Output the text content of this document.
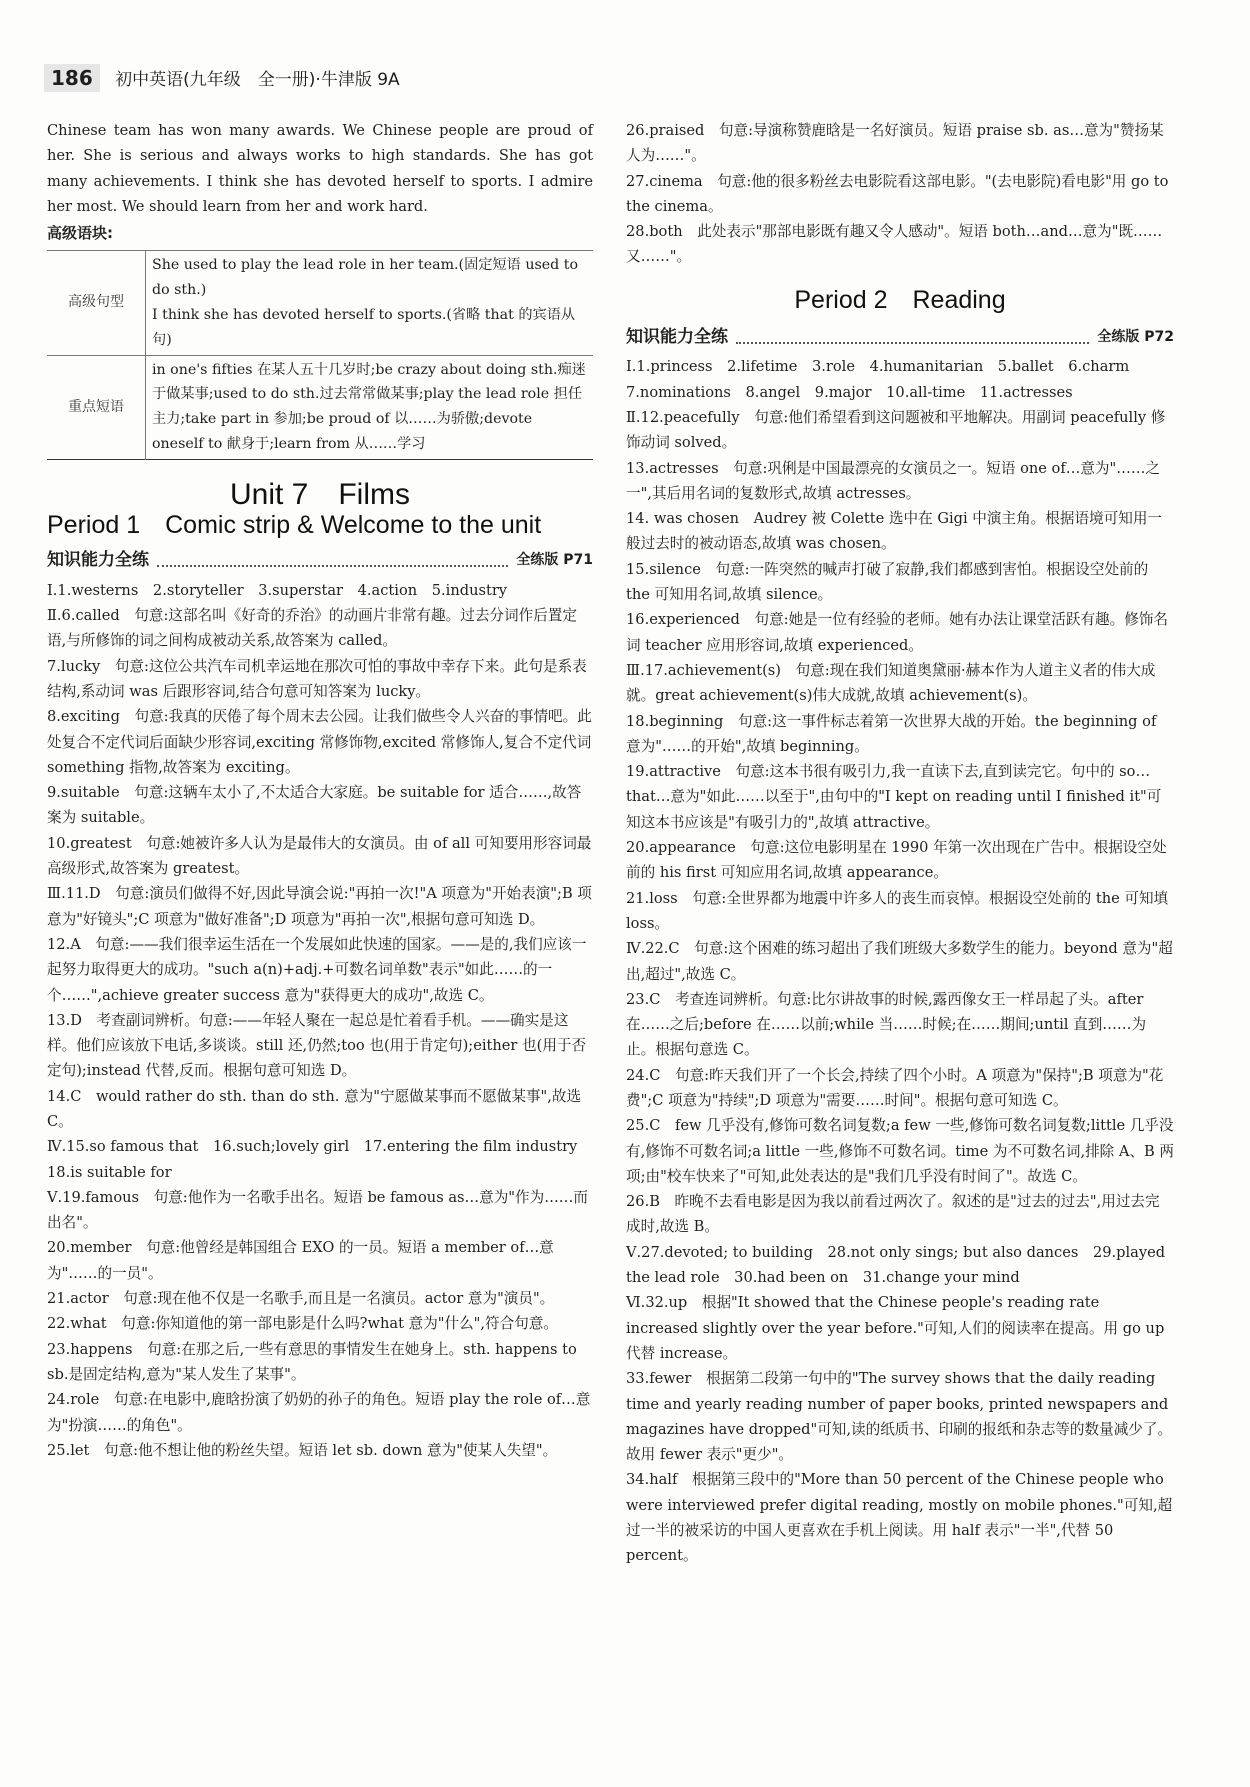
186 初中英语(九年级　全一册)·牛津版 9A
Chinese team has won many awards. We Chinese people are proud of her. She is serious and always works to high standards. She has got many achievements. I think she has devoted herself to sports. I admire her most. We should learn from her and work hard.
高级语块:
高级句型	She used to play the lead role in her team.(固定短语 used to do sth.)
I think she has devoted herself to sports.(省略 that 的宾语从句)

重点短语	in one's fifties 在某人五十几岁时;be crazy about doing sth.痴迷于做某事;used to do sth.过去常常做某事;play the lead role 担任主力;take part in 参加;be proud of 以……为骄傲;devote oneself to 献身于;learn from 从……学习
Unit 7　Films
Period 1　Comic strip & Welcome to the unit
知识能力全练	全练版 P71

Ⅰ.1.westerns　2.storyteller　3.superstar　4.action　5.industry

Ⅱ.6.called　句意:这部名叫《好奇的乔治》的动画片非常有趣。过去分词作后置定语,与所修饰的词之间构成被动关系,故答案为 called。

7.lucky　句意:这位公共汽车司机幸运地在那次可怕的事故中幸存下来。此句是系表结构,系动词 was 后跟形容词,结合句意可知答案为 lucky。

8.exciting　句意:我真的厌倦了每个周末去公园。让我们做些令人兴奋的事情吧。此处复合不定代词后面缺少形容词,exciting 常修饰物,excited 常修饰人,复合不定代词 something 指物,故答案为 exciting。

9.suitable　句意:这辆车太小了,不太适合大家庭。be suitable for 适合……,故答案为 suitable。

10.greatest　句意:她被许多人认为是最伟大的女演员。由 of all 可知要用形容词最高级形式,故答案为 greatest。

Ⅲ.11.D　句意:演员们做得不好,因此导演会说:"再拍一次!"A 项意为"开始表演";B 项意为"好镜头";C 项意为"做好准备";D 项意为"再拍一次",根据句意可知选 D。

12.A　句意:——我们很幸运生活在一个发展如此快速的国家。——是的,我们应该一起努力取得更大的成功。"such a(n)+adj.+可数名词单数"表示"如此……的一个……",achieve greater success 意为"获得更大的成功",故选 C。

13.D　考查副词辨析。句意:——年轻人聚在一起总是忙着看手机。——确实是这样。他们应该放下电话,多谈谈。still 还,仍然;too 也(用于肯定句);either 也(用于否定句);instead 代替,反而。根据句意可知选 D。

14.C　would rather do sth. than do sth. 意为"宁愿做某事而不愿做某事",故选 C。

Ⅳ.15.so famous that　16.such;lovely girl　17.entering the film industry

18.is suitable for

Ⅴ.19.famous　句意:他作为一名歌手出名。短语 be famous as…意为"作为……而出名"。

20.member　句意:他曾经是韩国组合 EXO 的一员。短语 a member of…意为"……的一员"。

21.actor　句意:现在他不仅是一名歌手,而且是一名演员。actor 意为"演员"。

22.what　句意:你知道他的第一部电影是什么吗?what 意为"什么",符合句意。

23.happens　句意:在那之后,一些有意思的事情发生在她身上。sth. happens to sb.是固定结构,意为"某人发生了某事"。

24.role　句意:在电影中,鹿晗扮演了奶奶的孙子的角色。短语 play the role of…意为"扮演……的角色"。

25.let　句意:他不想让他的粉丝失望。短语 let sb. down 意为"使某人失望"。

26.praised　句意:导演称赞鹿晗是一名好演员。短语 praise sb. as…意为"赞扬某人为……"。

27.cinema　句意:他的很多粉丝去电影院看这部电影。"(去电影院)看电影"用 go to the cinema。

28.both　此处表示"那部电影既有趣又令人感动"。短语 both…and…意为"既……又……"。

Period 2　Reading
知识能力全练	全练版 P72

Ⅰ.1.princess　2.lifetime　3.role　4.humanitarian　5.ballet　6.charm

7.nominations　8.angel　9.major　10.all-time　11.actresses

Ⅱ.12.peacefully　句意:他们希望看到这问题被和平地解决。用副词 peacefully 修饰动词 solved。

13.actresses　句意:巩俐是中国最漂亮的女演员之一。短语 one of…意为"……之一",其后用名词的复数形式,故填 actresses。

14. was chosen　Audrey 被 Colette 选中在 Gigi 中演主角。根据语境可知用一般过去时的被动语态,故填 was chosen。

15.silence　句意:一阵突然的喊声打破了寂静,我们都感到害怕。根据设空处前的 the 可知用名词,故填 silence。

16.experienced　句意:她是一位有经验的老师。她有办法让课堂活跃有趣。修饰名词 teacher 应用形容词,故填 experienced。

Ⅲ.17.achievement(s)　句意:现在我们知道奥黛丽·赫本作为人道主义者的伟大成就。great achievement(s)伟大成就,故填 achievement(s)。

18.beginning　句意:这一事件标志着第一次世界大战的开始。the beginning of 意为"……的开始",故填 beginning。

19.attractive　句意:这本书很有吸引力,我一直读下去,直到读完它。句中的 so…that…意为"如此……以至于",由句中的"I kept on reading until I finished it"可知这本书应该是"有吸引力的",故填 attractive。

20.appearance　句意:这位电影明星在 1990 年第一次出现在广告中。根据设空处前的 his first 可知应用名词,故填 appearance。

21.loss　句意:全世界都为地震中许多人的丧生而哀悼。根据设空处前的 the 可知填 loss。

Ⅳ.22.C　句意:这个困难的练习超出了我们班级大多数学生的能力。beyond 意为"超出,超过",故选 C。

23.C　考查连词辨析。句意:比尔讲故事的时候,露西像女王一样昂起了头。after 在……之后;before 在……以前;while 当……时候;在……期间;until 直到……为止。根据句意选 C。

24.C　句意:昨天我们开了一个长会,持续了四个小时。A 项意为"保持";B 项意为"花费";C 项意为"持续";D 项意为"需要……时间"。根据句意可知选 C。

25.C　few 几乎没有,修饰可数名词复数;a few 一些,修饰可数名词复数;little 几乎没有,修饰不可数名词;a little 一些,修饰不可数名词。time 为不可数名词,排除 A、B 两项;由"校车快来了"可知,此处表达的是"我们几乎没有时间了"。故选 C。

26.B　昨晚不去看电影是因为我以前看过两次了。叙述的是"过去的过去",用过去完成时,故选 B。

Ⅴ.27.devoted; to building　28.not only sings; but also dances　29.played the lead role　30.had been on　31.change your mind

Ⅵ.32.up　根据"It showed that the Chinese people's reading rate increased slightly over the year before."可知,人们的阅读率在提高。用 go up 代替 increase。

33.fewer　根据第二段第一句中的"The survey shows that the daily reading time and yearly reading number of paper books, printed newspapers and magazines have dropped"可知,读的纸质书、印刷的报纸和杂志等的数量减少了。故用 fewer 表示"更少"。

34.half　根据第三段中的"More than 50 percent of the Chinese people who were interviewed prefer digital reading, mostly on mobile phones."可知,超过一半的被采访的中国人更喜欢在手机上阅读。用 half 表示"一半",代替 50 percent。
